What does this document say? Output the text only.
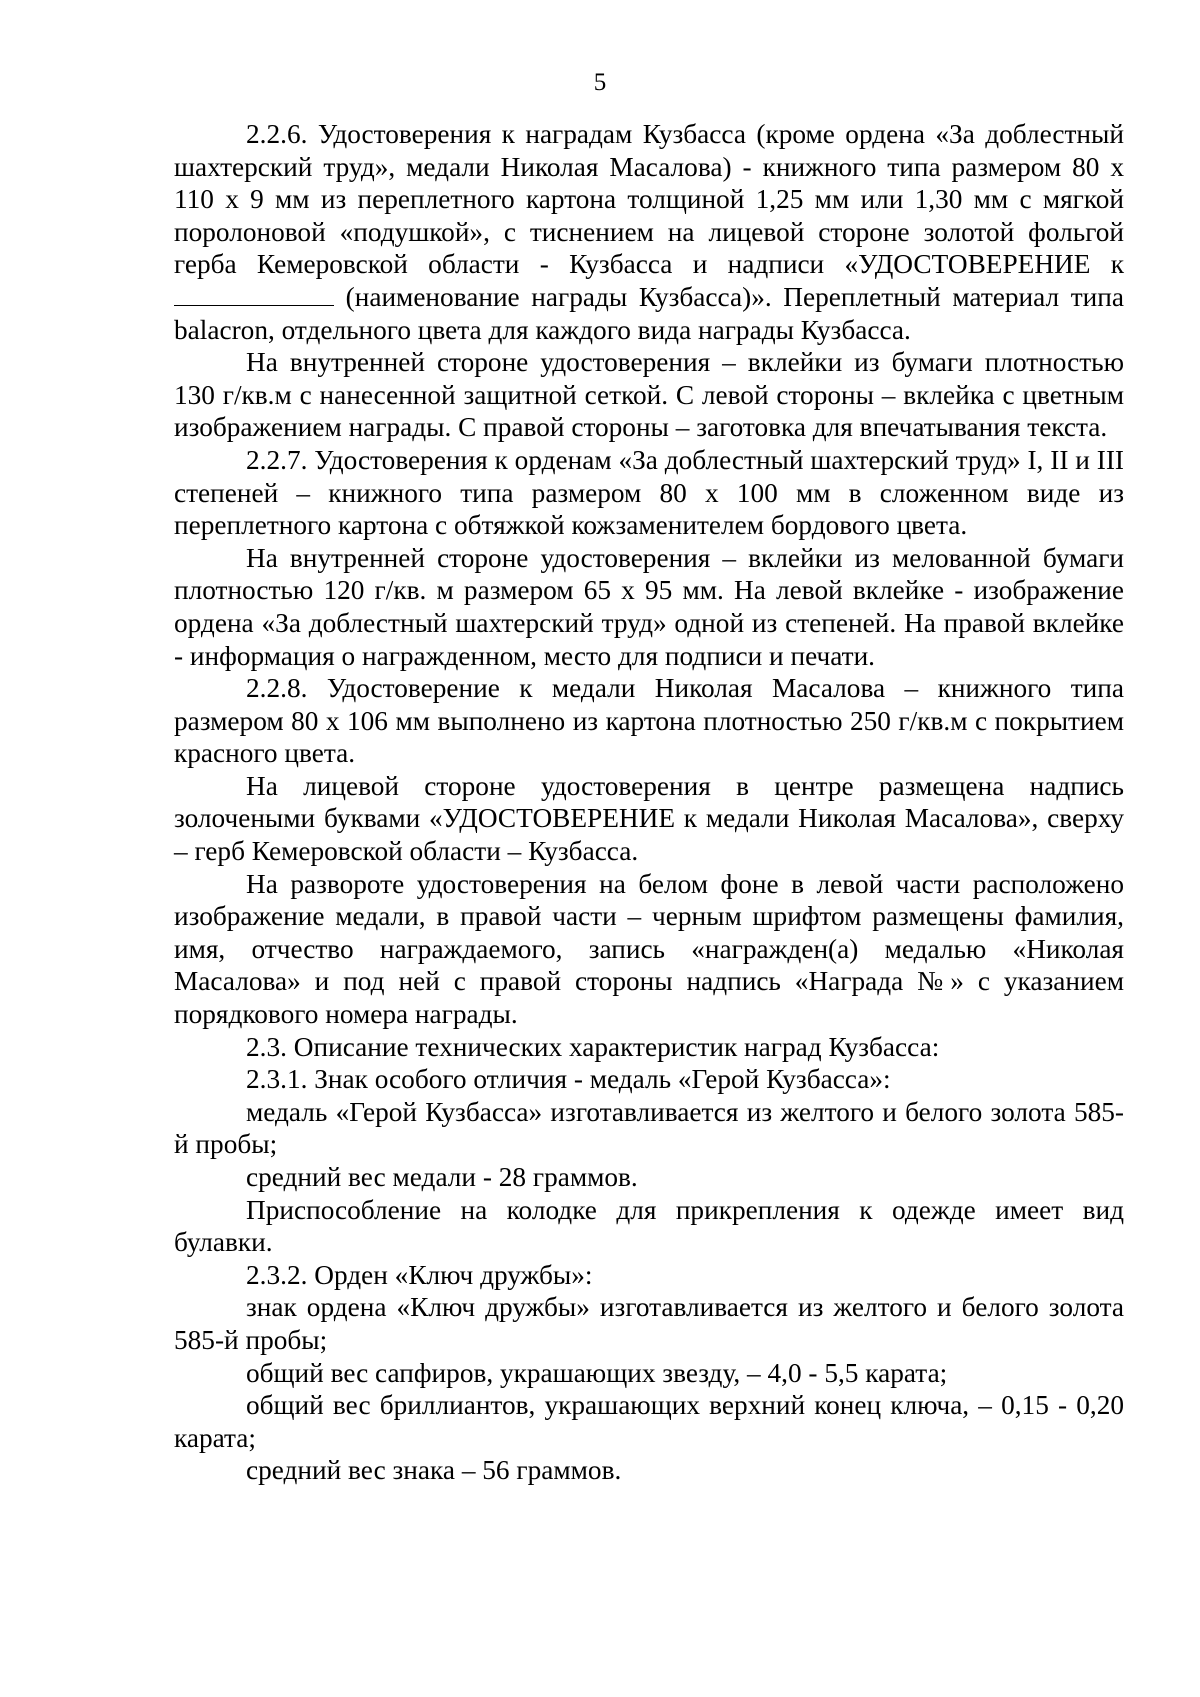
5

2.2.6. Удостоверения к наградам Кузбасса (кроме ордена «За доблестный шахтерский труд», медали Николая Масалова) - книжного типа размером 80 х 110 х 9 мм из переплетного картона толщиной 1,25 мм или 1,30 мм с мягкой поролоновой «подушкой», с тиснением на лицевой стороне золотой фольгой герба Кемеровской области - Кузбасса и надписи «УДОСТОВЕРЕНИЕ к  (наименование награды Кузбасса)». Переплетный материал типа balacron, отдельного цвета для каждого вида награды Кузбасса.

На внутренней стороне удостоверения – вклейки из бумаги плотностью 130 г/кв.м с нанесенной защитной сеткой. С левой стороны – вклейка с цветным изображением награды. С правой стороны – заготовка для впечатывания текста.

2.2.7. Удостоверения к орденам «За доблестный шахтерский труд» I, II и III степеней – книжного типа размером 80 х 100 мм в сложенном виде из переплетного картона с обтяжкой кожзаменителем бордового цвета.

На внутренней стороне удостоверения – вклейки из мелованной бумаги плотностью 120 г/кв. м размером 65 х 95 мм. На левой вклейке - изображение ордена «За доблестный шахтерский труд» одной из степеней. На правой вклейке - информация о награжденном, место для подписи и печати.

2.2.8. Удостоверение к медали Николая Масалова – книжного типа размером 80 х 106 мм выполнено из картона плотностью 250 г/кв.м с покрытием красного цвета.

На лицевой стороне удостоверения в центре размещена надпись золочеными буквами «УДОСТОВЕРЕНИЕ к медали Николая Масалова», сверху – герб Кемеровской области – Кузбасса.

На развороте удостоверения на белом фоне в левой части расположено изображение медали, в правой части – черным шрифтом размещены фамилия, имя, отчество награждаемого, запись «награжден(а) медалью «Николая Масалова» и под ней с правой стороны надпись «Награда №» с указанием порядкового номера награды.

2.3. Описание технических характеристик наград Кузбасса:

2.3.1. Знак особого отличия - медаль «Герой Кузбасса»:

медаль «Герой Кузбасса» изготавливается из желтого и белого золота 585-й пробы;

средний вес медали - 28 граммов.

Приспособление на колодке для прикрепления к одежде имеет вид булавки.

2.3.2. Орден «Ключ дружбы»:

знак ордена «Ключ дружбы» изготавливается из желтого и белого золота 585-й пробы;

общий вес сапфиров, украшающих звезду, – 4,0 - 5,5 карата;

общий вес бриллиантов, украшающих верхний конец ключа, – 0,15 - 0,20 карата;

средний вес знака – 56 граммов.
